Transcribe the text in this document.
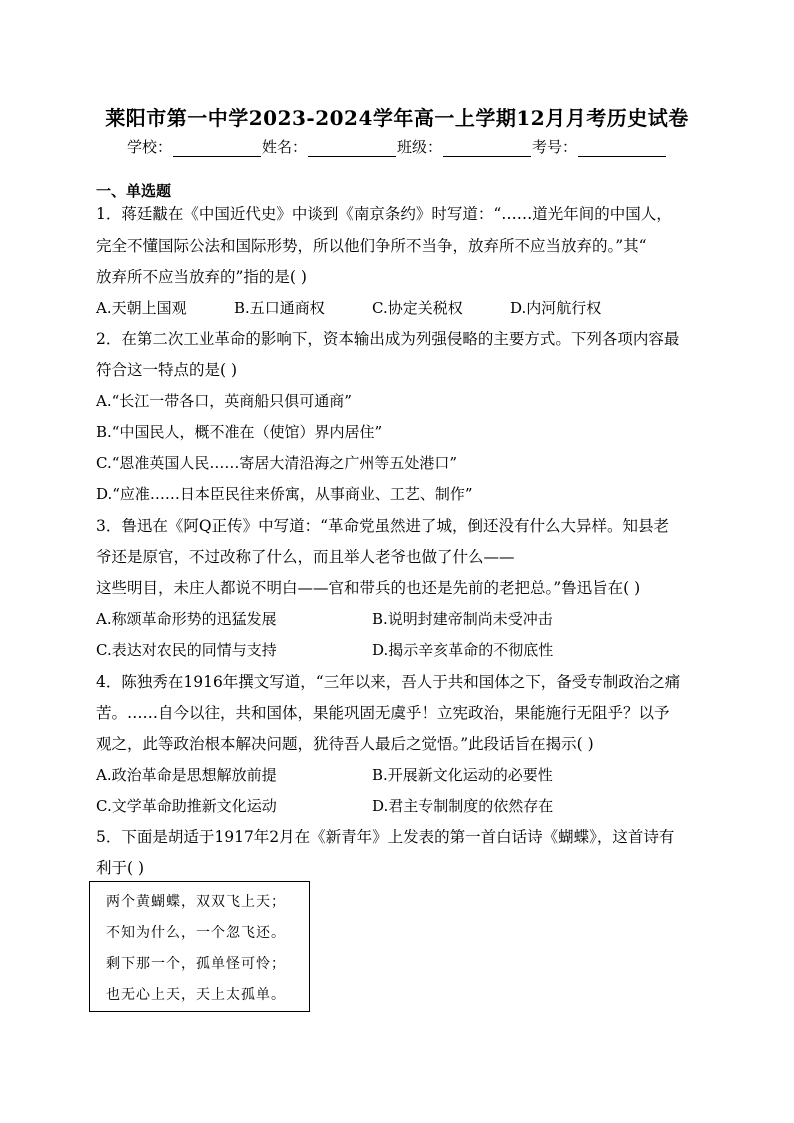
莱阳市第一中学2023-2024学年高一上学期12月月考历史试卷
学校：	姓名：	班级：	考号：
一、单选题
1．蒋廷黻在《中国近代史》中谈到《南京条约》时写道：“……道光年间的中国人，
完全不懂国际公法和国际形势，所以他们争所不当争，放弃所不应当放弃的。”其“
放弃所不应当放弃的”指的是( )
A.天朝上国观	B.五口通商权	C.协定关税权	D.内河航行权
2．在第二次工业革命的影响下，资本输出成为列强侵略的主要方式。下列各项内容最
符合这一特点的是( )
A.“长江一带各口，英商船只俱可通商”
B.“中国民人，概不准在（使馆）界内居住”
C.“恩准英国人民……寄居大清沿海之广州等五处港口”
D.“应准……日本臣民往来侨寓，从事商业、工艺、制作”
3．鲁迅在《阿Q正传》中写道：“革命党虽然进了城，倒还没有什么大异样。知县老
爷还是原官，不过改称了什么，而且举人老爷也做了什么——
这些明目，未庄人都说不明白——官和带兵的也还是先前的老把总。”鲁迅旨在( )
A.称颂革命形势的迅猛发展	B.说明封建帝制尚未受冲击
C.表达对农民的同情与支持	D.揭示辛亥革命的不彻底性
4．陈独秀在1916年撰文写道，“三年以来，吾人于共和国体之下，备受专制政治之痛
苦。……自今以往，共和国体，果能巩固无虞乎！立宪政治，果能施行无阻乎？以予
观之，此等政治根本解决问题，犹待吾人最后之觉悟。”此段话旨在揭示( )
A.政治革命是思想解放前提	B.开展新文化运动的必要性
C.文学革命助推新文化运动	D.君主专制制度的依然存在
5．下面是胡适于1917年2月在《新青年》上发表的第一首白话诗《蝴蝶》，这首诗有
利于( )
两个黄蝴蝶，双双飞上天；
不知为什么，一个忽飞还。
剩下那一个，孤单怪可怜；
也无心上天，天上太孤单。
